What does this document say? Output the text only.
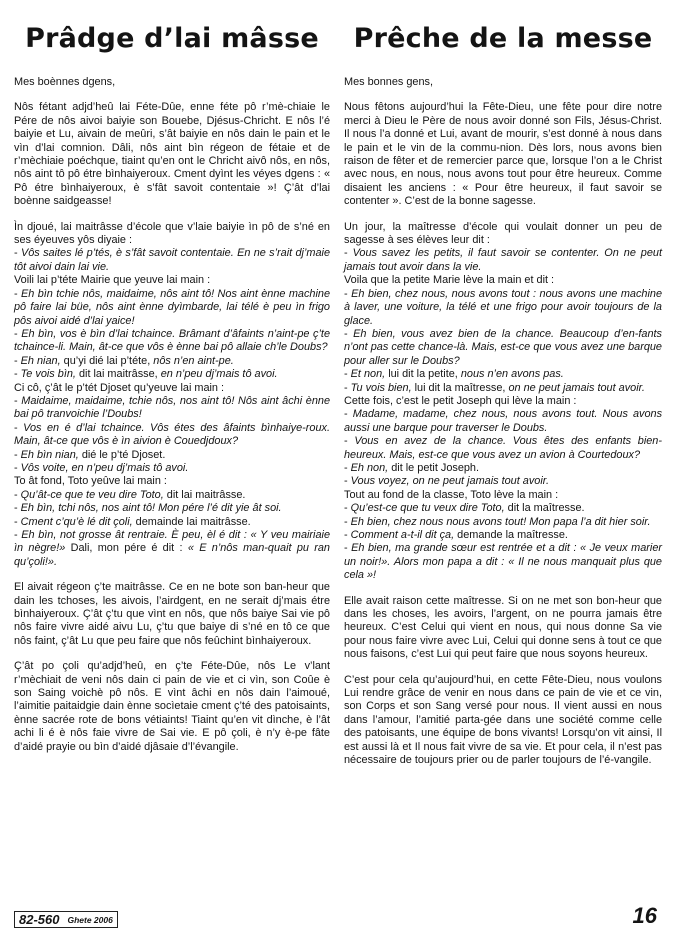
Prâdge d’lai mâsse

Mes boènnes dgens,

Nôs fétant adjd’heû lai Féte-Dûe, enne féte pô r’mè-chiaie le Pére de nôs aivoi baiyie son Bouebe, Djésus-Chricht. E nôs l’é baiyie et Lu, aivain de meûri, s’ât baiyie en nôs dain le pain et le vìn d’lai comnion. Dâli, nôs aint bìn régeon de fétaie et de r’mèchiaie poéchque, tiaint qu’en ont le Chricht aivô nôs, en nôs, nôs aint tô pô étre bìnhaiyeroux. Cment dyìnt les véyes dgens : « Pô étre bìnhaiyeroux, è s’fât savoit contentaie »! Ç’ât d’lai boènne saidgeasse!

Ìn djoué, lai maitrâsse d’école que v’laie baiyie ìn pô de s’né en ses éyeuves yôs diyaie :

- Vôs saites lé p’tés, è s’fât savoit contentaie. En ne s’rait dj’maie tôt aivoi dain lai vie.

Voili lai p’téte Mairie que yeuve lai main :

- Eh bìn tchie nôs, maidaime, nôs aint tô! Nos aint ènne machine pô faire lai büe, nôs aint ènne dyìmbarde, lai télé è peu ìn frigo pôs aivoi aidé d’lai yaice!

- Eh bìn, vos è bìn d’lai tchaince. Brâmant d’âfaints n’aint-pe ç’te tchaince-li. Main, ât-ce que vôs è ènne bai pô allaie ch’le Doubs?

- Eh nian, qu’yi dié lai p’téte, nôs n’en aint-pe.

- Te vois bìn, dit lai maitrâsse, en n’peu dj’mais tô avoi.

Ci cô, ç’ât le p’tét Djoset qu’yeuve lai main :

- Maidaime, maidaime, tchie nôs, nos aint tô! Nôs aint âchi ènne bai pô tranvoichie l’Doubs!

- Vos en é d’lai tchaince. Vôs étes des âfaints bìnhaiye-roux. Main, ât-ce que vôs è ìn aivion è Couedjdoux?

- Eh bìn nian, dié le p’té Djoset.

- Vôs voite, en n’peu dj’mais tô avoi.

To ât fond, Toto yeûve lai main :

- Qu’ât-ce que te veu dire Toto, dit lai maitrâsse.

- Eh bìn, tchi nôs, nos aint tô! Mon pére l’é dit yie ât soi.

- Cment c’qu’è lé dit çoli, demainde lai maitrâsse.

- Eh bìn, not grosse ât rentraie. È peu, èl é dit : « Y veu mairiaie ìn nègre!» Dali, mon pére é dit : « E n’nôs man-quait pu ran qu’çoli!».

El aivait régeon ç’te maitrâsse. Ce en ne bote son ban-heur que dain les tchoses, les aivois, l’airdgent, en ne serait dj’mais étre bìnhaiyeroux. Ç’ât ç’tu que vìnt en nôs, que nôs baiye Sai vie pô nôs faire vivre aidé aivu Lu, ç’tu que baiye di s’né en tô ce que nôs faint, ç’ât Lu que peu faire que nôs feûchint bìnhaiyeroux.

Ç’ât po çoli qu’adjd’heû, en ç’te Féte-Dûe, nôs Le v’lant r’mèchiait de veni nôs dain ci pain de vie et ci vìn, son Coûe è son Saing voichè pô nôs. E vìnt âchi en nôs dain l’aimoué, l’aimitie paitaidgie dain ènne socìetaie cment ç’té des patoisaints, ènne sacrée rote de bons vétiaints! Tiaint qu’en vit dìnche, è l’ât achi li é è nôs faie vivre de Sai vie. E pô çoli, è n’y è-pe fâte d’aidé prayie ou bìn d’aidé djâsaie d’l’évangile.

Prêche de la messe

Mes bonnes gens,

Nous fêtons aujourd’hui la Fête-Dieu, une fête pour dire notre merci à Dieu le Père de nous avoir donné son Fils, Jésus-Christ. Il nous l’a donné et Lui, avant de mourir, s’est donné à nous dans le pain et le vin de la commu-nion. Dès lors, nous avons bien raison de fêter et de remercier parce que, lorsque l’on a le Christ avec nous, en nous, nous avons tout pour être heureux. Comme disaient les anciens : « Pour être heureux, il faut savoir se contenter ». C’est de la bonne sagesse.

Un jour, la maîtresse d’école qui voulait donner un peu de sagesse à ses élèves leur dit :

- Vous savez les petits, il faut savoir se contenter. On ne peut jamais tout avoir dans la vie.

Voila que la petite Marie lève la main et dit :

- Eh bien, chez nous, nous avons tout : nous avons une machine à laver, une voiture, la télé et une frigo pour avoir toujours de la glace.

- Eh bien, vous avez bien de la chance. Beaucoup d’en-fants n’ont pas cette chance-là. Mais, est-ce que vous avez une barque pour aller sur le Doubs?

- Et non, lui dit la petite, nous n’en avons pas.

- Tu vois bien, lui dit la maîtresse, on ne peut jamais tout avoir.

Cette fois, c’est le petit Joseph qui lève la main :

- Madame, madame, chez nous, nous avons tout. Nous avons aussi une barque pour traverser le Doubs.

- Vous en avez de la chance. Vous êtes des enfants bien-heureux. Mais, est-ce que vous avez un avion à Courtedoux?

- Eh non, dit le petit Joseph.

- Vous voyez, on ne peut jamais tout avoir.

Tout au fond de la classe, Toto lève la main :

- Qu’est-ce que tu veux dire Toto, dit la maîtresse.

- Eh bien, chez nous nous avons tout! Mon papa l’a dit hier soir.

- Comment a-t-il dit ça, demande la maîtresse.

- Eh bien, ma grande sœur est rentrée et a dit : « Je veux marier un noir!». Alors mon papa a dit : « Il ne nous manquait plus que cela »!

Elle avait raison cette maîtresse. Si on ne met son bon-heur que dans les choses, les avoirs, l’argent, on ne pourra jamais être heureux. C’est Celui qui vient en nous, qui nous donne Sa vie pour nous faire vivre avec Lui, Celui qui donne sens à tout ce que nous faisons, c’est Lui qui peut faire que nous soyons heureux.

C’est pour cela qu’aujourd’hui, en cette Fête-Dieu, nous voulons Lui rendre grâce de venir en nous dans ce pain de vie et ce vin, son Corps et son Sang versé pour nous. Il vient aussi en nous dans l’amour, l’amitié parta-gée dans une société comme celle des patoisants, une équipe de bons vivants! Lorsqu’on vit ainsi, Il est aussi là et Il nous fait vivre de sa vie. Et pour cela, il n’est pas nécessaire de toujours prier ou de parler toujours de l’é-vangile.

82-560 Ghete 2006	16
